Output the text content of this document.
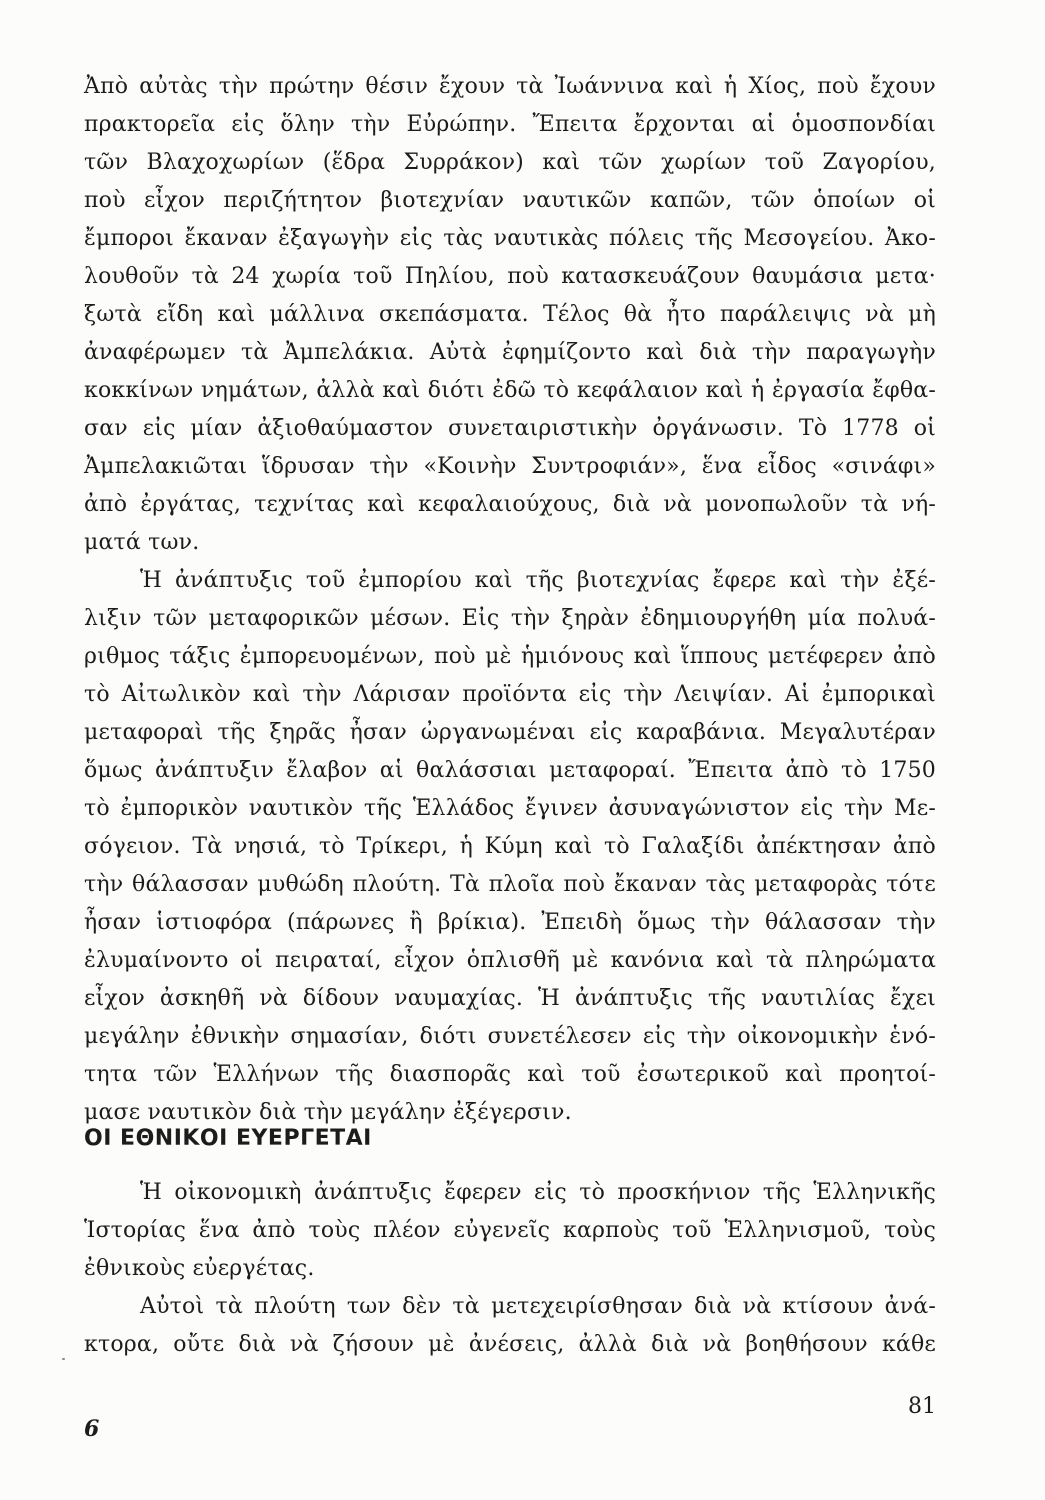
Ἀπὸ αὐτὰς τὴν πρώτην θέσιν ἔχουν τὰ Ἰωάννινα καὶ ἡ Χίος, ποὺ ἔχουν
πρακτορεῖα εἰς ὅλην τὴν Εὐρώπην. Ἔπειτα ἔρχονται αἱ ὁμοσπονδίαι
τῶν Βλαχοχωρίων (ἕδρα Συρράκον) καὶ τῶν χωρίων τοῦ Ζαγορίου,
ποὺ εἶχον περιζήτητον βιοτεχνίαν ναυτικῶν καπῶν, τῶν ὁποίων οἱ
ἔμποροι ἔκαναν ἐξαγωγὴν εἰς τὰς ναυτικὰς πόλεις τῆς Μεσογείου. Ἀκο-
λουθοῦν τὰ 24 χωρία τοῦ Πηλίου, ποὺ κατασκευάζουν θαυμάσια μετα·
ξωτὰ εἴδη καὶ μάλλινα σκεπάσματα. Τέλος θὰ ἦτο παράλειψις νὰ μὴ
ἀναφέρωμεν τὰ Ἀμπελάκια. Αὐτὰ ἐφημίζοντο καὶ διὰ τὴν παραγωγὴν
κοκκίνων νημάτων, ἀλλὰ καὶ διότι ἐδῶ τὸ κεφάλαιον καὶ ἡ ἐργασία ἔφθα-
σαν εἰς μίαν ἀξιοθαύμαστον συνεταιριστικὴν ὀργάνωσιν. Τὸ 1778 οἱ
Ἀμπελακιῶται ἵδρυσαν τὴν «Κοινὴν Συντροφιάν», ἕνα εἶδος «σινάφι»
ἀπὸ ἐργάτας, τεχνίτας καὶ κεφαλαιούχους, διὰ νὰ μονοπωλοῦν τὰ νή-
ματά των.
Ἡ ἀνάπτυξις τοῦ ἐμπορίου καὶ τῆς βιοτεχνίας ἔφερε καὶ τὴν ἐξέ-
λιξιν τῶν μεταφορικῶν μέσων. Εἰς τὴν ξηρὰν ἐδημιουργήθη μία πολυά-
ριθμος τάξις ἐμπορευομένων, ποὺ μὲ ἡμιόνους καὶ ἵππους μετέφερεν ἀπὸ
τὸ Αἰτωλικὸν καὶ τὴν Λάρισαν προϊόντα εἰς τὴν Λειψίαν. Αἱ ἐμπορικαὶ
μεταφοραὶ τῆς ξηρᾶς ἦσαν ὠργανωμέναι εἰς καραβάνια. Μεγαλυτέραν
ὅμως ἀνάπτυξιν ἔλαβον αἱ θαλάσσιαι μεταφοραί. Ἔπειτα ἀπὸ τὸ 1750
τὸ ἐμπορικὸν ναυτικὸν τῆς Ἑλλάδος ἔγινεν ἀσυναγώνιστον εἰς τὴν Με-
σόγειον. Τὰ νησιά, τὸ Τρίκερι, ἡ Κύμη καὶ τὸ Γαλαξίδι ἀπέκτησαν ἀπὸ
τὴν θάλασσαν μυθώδη πλούτη. Τὰ πλοῖα ποὺ ἔκαναν τὰς μεταφορὰς τότε
ἦσαν ἱστιοφόρα (πάρωνες ἢ βρίκια). Ἐπειδὴ ὅμως τὴν θάλασσαν τὴν
ἐλυμαίνοντο οἱ πειραταί, εἶχον ὁπλισθῆ μὲ κανόνια καὶ τὰ πληρώματα
εἶχον ἀσκηθῆ νὰ δίδουν ναυμαχίας. Ἡ ἀνάπτυξις τῆς ναυτιλίας ἔχει
μεγάλην ἐθνικὴν σημασίαν, διότι συνετέλεσεν εἰς τὴν οἰκονομικὴν ἑνό-
τητα τῶν Ἑλλήνων τῆς διασπορᾶς καὶ τοῦ ἐσωτερικοῦ καὶ προητοί-
μασε ναυτικὸν διὰ τὴν μεγάλην ἐξέγερσιν.
ΟΙ ΕΘΝΙΚΟΙ ΕΥΕΡΓΕΤΑΙ
Ἡ οἰκονομικὴ ἀνάπτυξις ἔφερεν εἰς τὸ προσκήνιον τῆς Ἑλληνικῆς
Ἱστορίας ἕνα ἀπὸ τοὺς πλέον εὐγενεῖς καρποὺς τοῦ Ἑλληνισμοῦ, τοὺς
ἐθνικοὺς εὐεργέτας.
Αὐτοὶ τὰ πλούτη των δὲν τὰ μετεχειρίσθησαν διὰ νὰ κτίσουν ἀνά-
κτορα, οὔτε διὰ νὰ ζήσουν μὲ ἀνέσεις, ἀλλὰ διὰ νὰ βοηθήσουν κάθε
81
6
